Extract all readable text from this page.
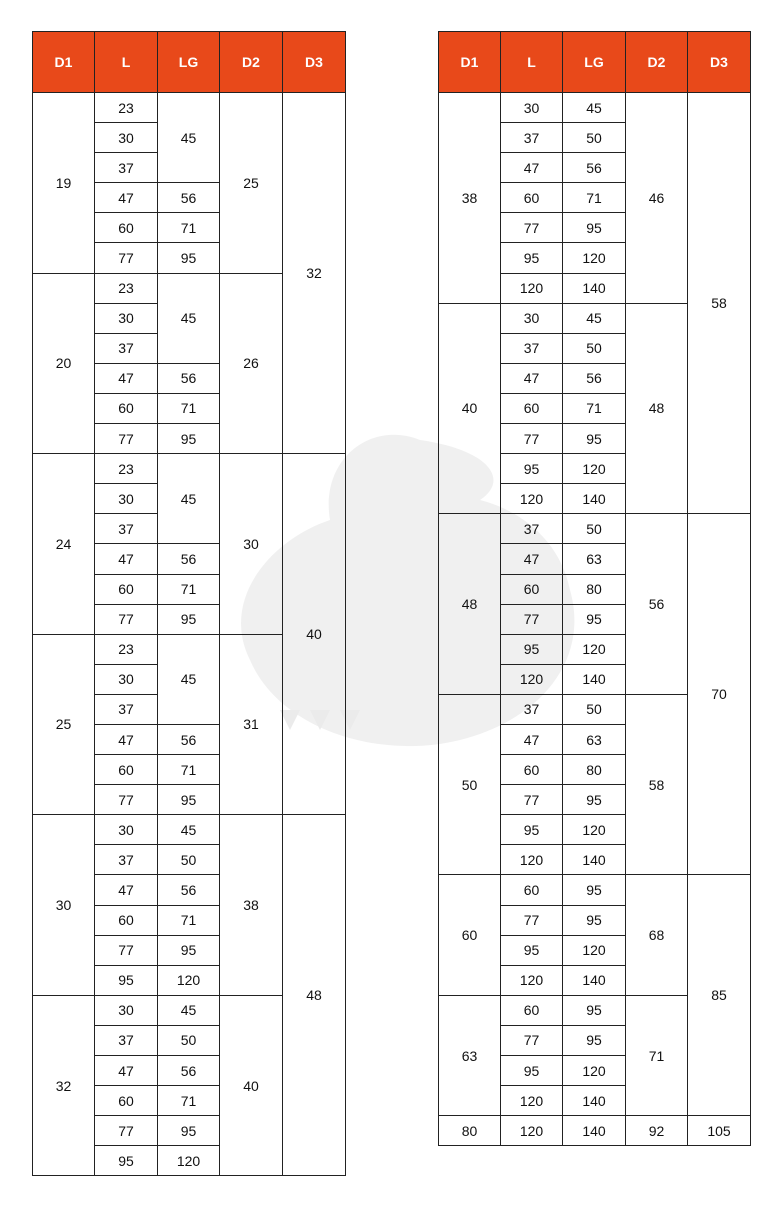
D1	L	LG	D2	D3
19	23	45	25	32
	30			
	37			
	47	56		
	60	71		
	77	95		
20	23	45	26	
	30			
	37			
	47	56		
	60	71		
	77	95		
24	23	45	30	40
	30			
	37			
	47	56		
	60	71		
	77	95		
25	23	45	31	
	30			
	37			
	47	56		
	60	71		
	77	95		
30	30	45	38	48
	37	50		
	47	56		
	60	71		
	77	95		
	95	120		
32	30	45	40	
	37	50		
	47	56		
	60	71		
	77	95		
	95	120		
D1	L	LG	D2	D3
38	30	45	46	58
	37	50		
	47	56		
	60	71		
	77	95		
	95	120		
	120	140		
40	30	45	48	
	37	50		
	47	56		
	60	71		
	77	95		
	95	120		
	120	140		
48	37	50	56	70
	47	63		
	60	80		
	77	95		
	95	120		
	120	140		
50	37	50	58	
	47	63		
	60	80		
	77	95		
	95	120		
	120	140		
60	60	95	68	85
	77	95		
	95	120		
	120	140		
63	60	95	71	
	77	95		
	95	120		
	120	140		
80	120	140	92	105
